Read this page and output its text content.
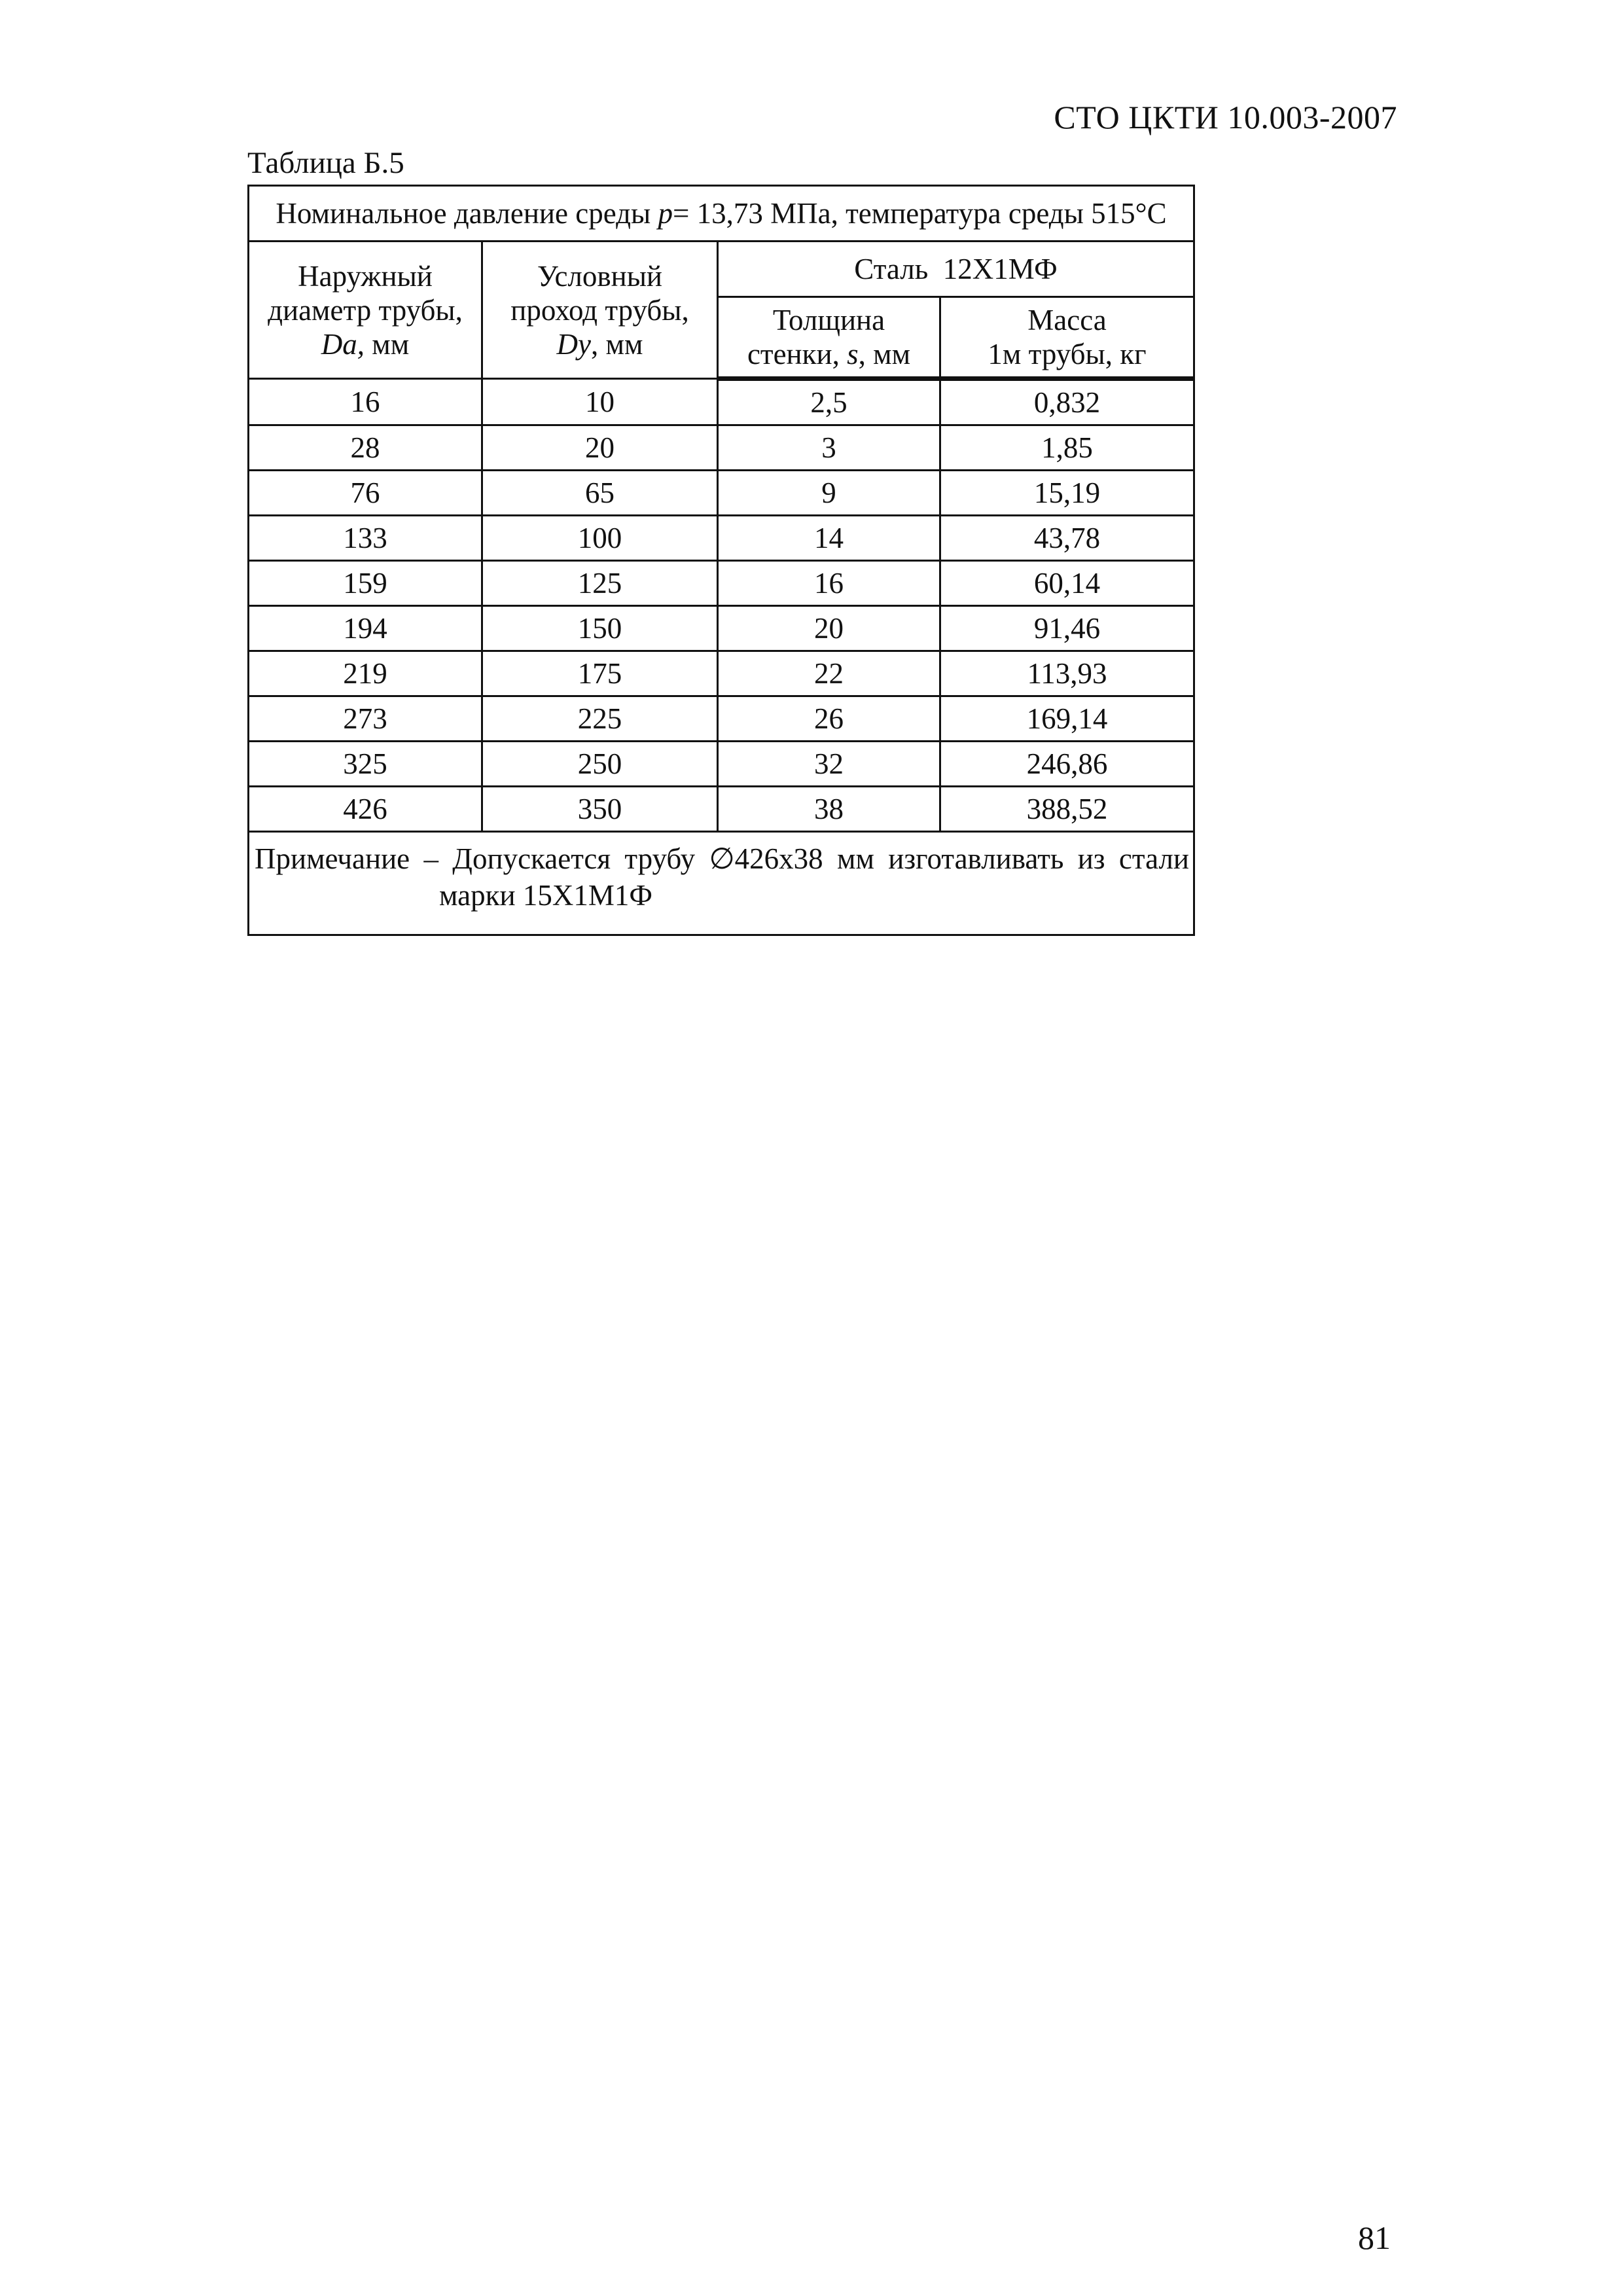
СТО ЦКТИ 10.003-2007
Таблица Б.5
Номинальное давление среды p= 13,73 МПа, температура среды 515°С			
Наружный
диаметр трубы,
Da, мм	Условный
проход трубы,
Dy, мм	Сталь  12Х1МФ	
		Толщина
стенки, s, мм	Масса
1м трубы, кг
16	10	2,5	0,832
28	20	3	1,85
76	65	9	15,19
133	100	14	43,78
159	125	16	60,14
194	150	20	91,46
219	175	22	113,93
273	225	26	169,14
325	250	32	246,86
426	350	38	388,52

Примечание – Допускается трубу ∅426х38 мм изготавливать из стали
марки 15Х1М1Ф			
81
